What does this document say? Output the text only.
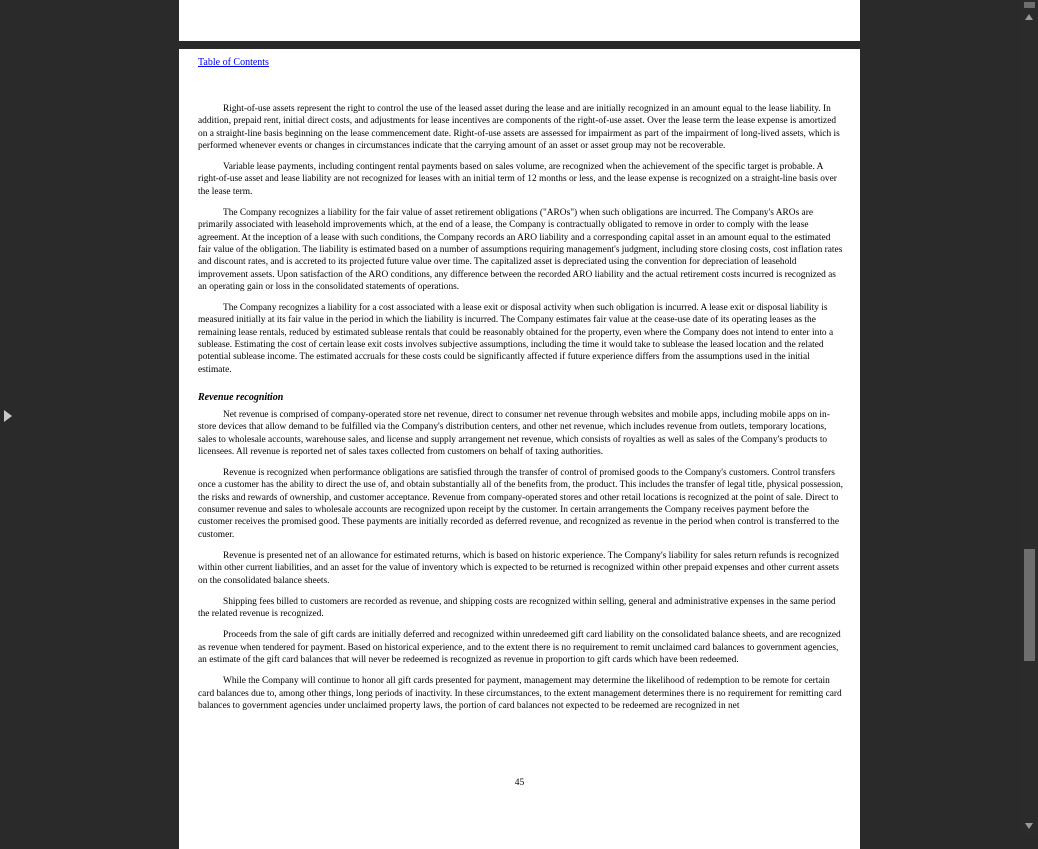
Table of Contents

Right-of-use assets represent the right to control the use of the leased asset during the lease and are initially recognized in an amount equal to the lease liability. In addition, prepaid rent, initial direct costs, and adjustments for lease incentives are components of the right-of-use asset. Over the lease term the lease expense is amortized on a straight-line basis beginning on the lease commencement date. Right-of-use assets are assessed for impairment as part of the impairment of long-lived assets, which is performed whenever events or changes in circumstances indicate that the carrying amount of an asset or asset group may not be recoverable.

Variable lease payments, including contingent rental payments based on sales volume, are recognized when the achievement of the specific target is probable. A right-of-use asset and lease liability are not recognized for leases with an initial term of 12 months or less, and the lease expense is recognized on a straight-line basis over the lease term.

The Company recognizes a liability for the fair value of asset retirement obligations ("AROs") when such obligations are incurred. The Company's AROs are primarily associated with leasehold improvements which, at the end of a lease, the Company is contractually obligated to remove in order to comply with the lease agreement. At the inception of a lease with such conditions, the Company records an ARO liability and a corresponding capital asset in an amount equal to the estimated fair value of the obligation. The liability is estimated based on a number of assumptions requiring management's judgment, including store closing costs, cost inflation rates and discount rates, and is accreted to its projected future value over time. The capitalized asset is depreciated using the convention for depreciation of leasehold improvement assets. Upon satisfaction of the ARO conditions, any difference between the recorded ARO liability and the actual retirement costs incurred is recognized as an operating gain or loss in the consolidated statements of operations.

The Company recognizes a liability for a cost associated with a lease exit or disposal activity when such obligation is incurred. A lease exit or disposal liability is measured initially at its fair value in the period in which the liability is incurred. The Company estimates fair value at the cease-use date of its operating leases as the remaining lease rentals, reduced by estimated sublease rentals that could be reasonably obtained for the property, even where the Company does not intend to enter into a sublease. Estimating the cost of certain lease exit costs involves subjective assumptions, including the time it would take to sublease the leased location and the related potential sublease income. The estimated accruals for these costs could be significantly affected if future experience differs from the assumptions used in the initial estimate.

Revenue recognition

Net revenue is comprised of company-operated store net revenue, direct to consumer net revenue through websites and mobile apps, including mobile apps on in-store devices that allow demand to be fulfilled via the Company's distribution centers, and other net revenue, which includes revenue from outlets, temporary locations, sales to wholesale accounts, warehouse sales, and license and supply arrangement net revenue, which consists of royalties as well as sales of the Company's products to licensees. All revenue is reported net of sales taxes collected from customers on behalf of taxing authorities.

Revenue is recognized when performance obligations are satisfied through the transfer of control of promised goods to the Company's customers. Control transfers once a customer has the ability to direct the use of, and obtain substantially all of the benefits from, the product. This includes the transfer of legal title, physical possession, the risks and rewards of ownership, and customer acceptance. Revenue from company-operated stores and other retail locations is recognized at the point of sale. Direct to consumer revenue and sales to wholesale accounts are recognized upon receipt by the customer. In certain arrangements the Company receives payment before the customer receives the promised good. These payments are initially recorded as deferred revenue, and recognized as revenue in the period when control is transferred to the customer.

Revenue is presented net of an allowance for estimated returns, which is based on historic experience. The Company's liability for sales return refunds is recognized within other current liabilities, and an asset for the value of inventory which is expected to be returned is recognized within other prepaid expenses and other current assets on the consolidated balance sheets.

Shipping fees billed to customers are recorded as revenue, and shipping costs are recognized within selling, general and administrative expenses in the same period the related revenue is recognized.

Proceeds from the sale of gift cards are initially deferred and recognized within unredeemed gift card liability on the consolidated balance sheets, and are recognized as revenue when tendered for payment. Based on historical experience, and to the extent there is no requirement to remit unclaimed card balances to government agencies, an estimate of the gift card balances that will never be redeemed is recognized as revenue in proportion to gift cards which have been redeemed.

While the Company will continue to honor all gift cards presented for payment, management may determine the likelihood of redemption to be remote for certain card balances due to, among other things, long periods of inactivity. In these circumstances, to the extent management determines there is no requirement for remitting card balances to government agencies under unclaimed property laws, the portion of card balances not expected to be redeemed are recognized in net

45
